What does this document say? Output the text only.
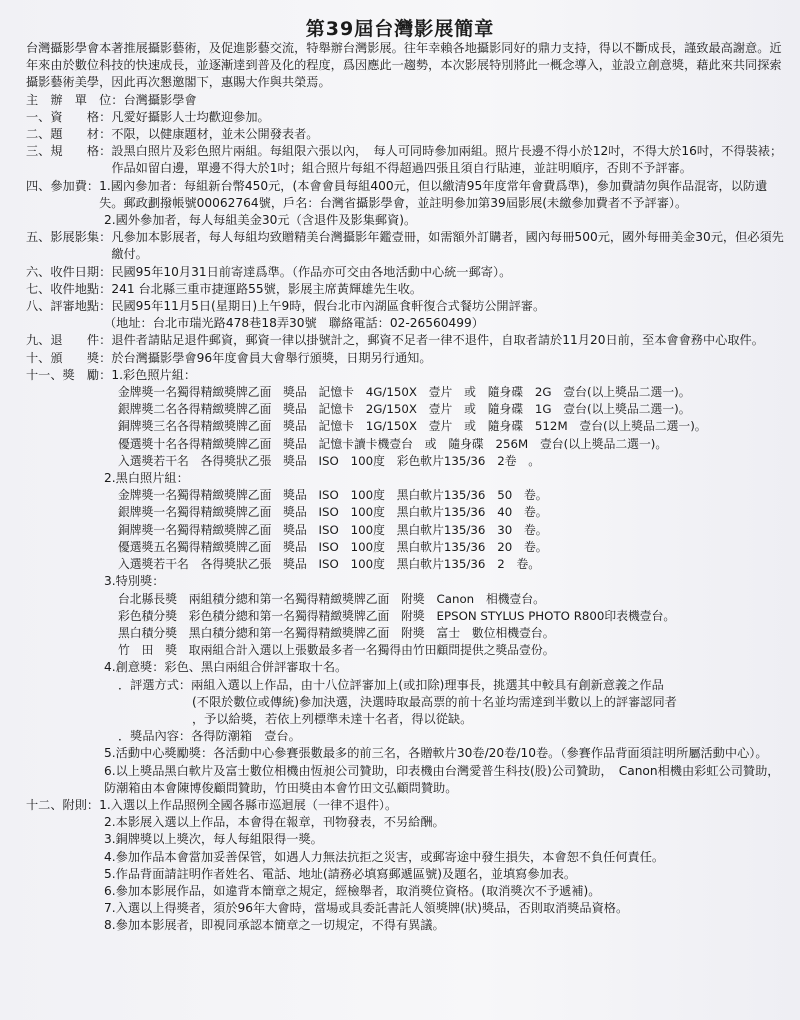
第39屆台灣影展簡章

台灣攝影學會本著推展攝影藝術，及促進影藝交流，特舉辦台灣影展。往年幸賴各地攝影同好的鼎力支持，得以不斷成長，謹致最高謝意。近年來由於數位科技的快速成長，並逐漸達到普及化的程度，爲因應此一趨勢，本次影展特別將此一概念導入，並設立創意獎，藉此來共同探索攝影藝術美學，因此再次懇邀閣下，惠賜大作與共榮焉。

主　辦　單　位： 台灣攝影學會
一、資　　格： 凡愛好攝影人士均歡迎參加。
二、題　　材： 不限，以健康題材，並未公開發表者。
三、規　　格： 設黑白照片及彩色照片兩組。每組限六張以內，　每人可同時參加兩組。照片長邊不得小於12吋，不得大於16吋，不得裝裱；作品如留白邊，單邊不得大於1吋；組合照片每組不得超過四張且須自行貼連，並註明順序，否則不予評審。
四、參加費： 1.國內參加者：每組新台幣450元，(本會會員每組400元，但以繳清95年度常年會費爲準)，參加費請勿與作品混寄，以防遺失。郵政劃撥帳號00062764號，戶名：台灣省攝影學會，並註明參加第39屆影展(未繳參加費者不予評審）。
2.國外參加者，每人每組美金30元（含退件及影集郵資)。
五、影展影集： 凡參加本影展者，每人每組均致贈精美台灣攝影年鑑壹冊，如需額外訂購者，國內每冊500元，國外每冊美金30元，但必須先繳付。
六、收件日期： 民國95年10月31日前寄達爲準。（作品亦可交由各地活動中心統一郵寄）。
七、收件地點： 241 台北縣三重市捷運路55號，影展主席黃輝雄先生收。
八、評審地點： 民國95年11月5日(星期日)上午9時，假台北市內湖區食軒復合式餐坊公開評審。
（地址：台北市瑞光路478巷18弄30號　聯絡電話：02-26560499）
九、退　　件： 退件者請貼足退件郵資，郵資一律以掛號計之，郵資不足者一律不退件，自取者請於11月20日前，至本會會務中心取件。
十、頒　　獎： 於台灣攝影學會96年度會員大會舉行頒獎，日期另行通知。
十一、獎　勵： 1.彩色照片組：
金牌獎一名獨得精緻獎牌乙面　獎品　記憶卡　4G/150X　壹片　或　隨身碟　2G　壹台(以上獎品二選一)。
銀牌獎二名各得精緻獎牌乙面　獎品　記憶卡　2G/150X　壹片　或　隨身碟　1G　壹台(以上獎品二選一)。
銅牌獎三名各得精緻獎牌乙面　獎品　記憶卡　1G/150X　壹片　或　隨身碟　512M　壹台(以上獎品二選一)。
優選獎十名各得精緻獎牌乙面　獎品　記憶卡讀卡機壹台　或　隨身碟　256M　壹台(以上獎品二選一)。
入選獎若干名　各得獎狀乙張　獎品　ISO　100度　彩色軟片135/36　2卷　。
2.黑白照片組：
金牌獎一名獨得精緻獎牌乙面　獎品　ISO　100度　黑白軟片135/36　50　卷。
銀牌獎一名獨得精緻獎牌乙面　獎品　ISO　100度　黑白軟片135/36　40　卷。
銅牌獎一名獨得精緻獎牌乙面　獎品　ISO　100度　黑白軟片135/36　30　卷。
優選獎五名獨得精緻獎牌乙面　獎品　ISO　100度　黑白軟片135/36　20　卷。
入選獎若干名　各得獎狀乙張　獎品　ISO　100度　黑白軟片135/36　2　卷。
3.特別獎：
台北縣長獎　兩組積分總和第一名獨得精緻獎牌乙面　附獎　Canon　相機壹台。
彩色積分獎　彩色積分總和第一名獨得精緻獎牌乙面　附獎　EPSON STYLUS PHOTO R800印表機壹台。
黑白積分獎　黑白積分總和第一名獨得精緻獎牌乙面　附獎　富士　數位相機壹台。
竹　田　獎　取兩組合計入選以上張數最多者一名獨得由竹田顧問提供之獎品壹份。
4.創意獎：彩色、黑白兩組合併評審取十名。
．評選方式：兩組入選以上作品，由十八位評審加上(或扣除)理事長，挑選其中較具有創新意義之作品
(不限於數位或傳統)參加決選，決選時取最高票的前十名並均需達到半數以上的評審認同者
，予以給獎，若依上列標準未達十名者，得以從缺。
．獎品內容：各得防潮箱　壹台。
5.活動中心獎勵獎：各活動中心參賽張數最多的前三名，各贈軟片30卷/20卷/10卷。（參賽作品背面須註明所屬活動中心）。
6.以上獎品黑白軟片及富士數位相機由恆昶公司贊助，印表機由台灣愛普生科技(股)公司贊助，　Canon相機由彩虹公司贊助，防潮箱由本會陳博俊顧問贊助，竹田獎由本會竹田文弘顧問贊助。
十二、附則： 1.入選以上作品照例全國各縣市巡迴展（一律不退件）。
2.本影展入選以上作品，本會得在報章，刊物發表，不另給酬。
3.銅牌獎以上獎次，每人每組限得一獎。
4.參加作品本會當加妥善保管，如遇人力無法抗拒之災害，或郵寄途中發生損失，本會恕不負任何責任。
5.作品背面請註明作者姓名、電話、地址(請務必填寫郵遞區號)及題名，並填寫參加表。
6.參加本影展作品，如違背本簡章之規定，經檢舉者，取消獎位資格。(取消獎次不予遞補)。
7.入選以上得獎者，須於96年大會時，當場或具委託書託人領獎牌(狀)獎品，否則取消獎品資格。
8.參加本影展者，即視同承認本簡章之一切規定，不得有異議。
